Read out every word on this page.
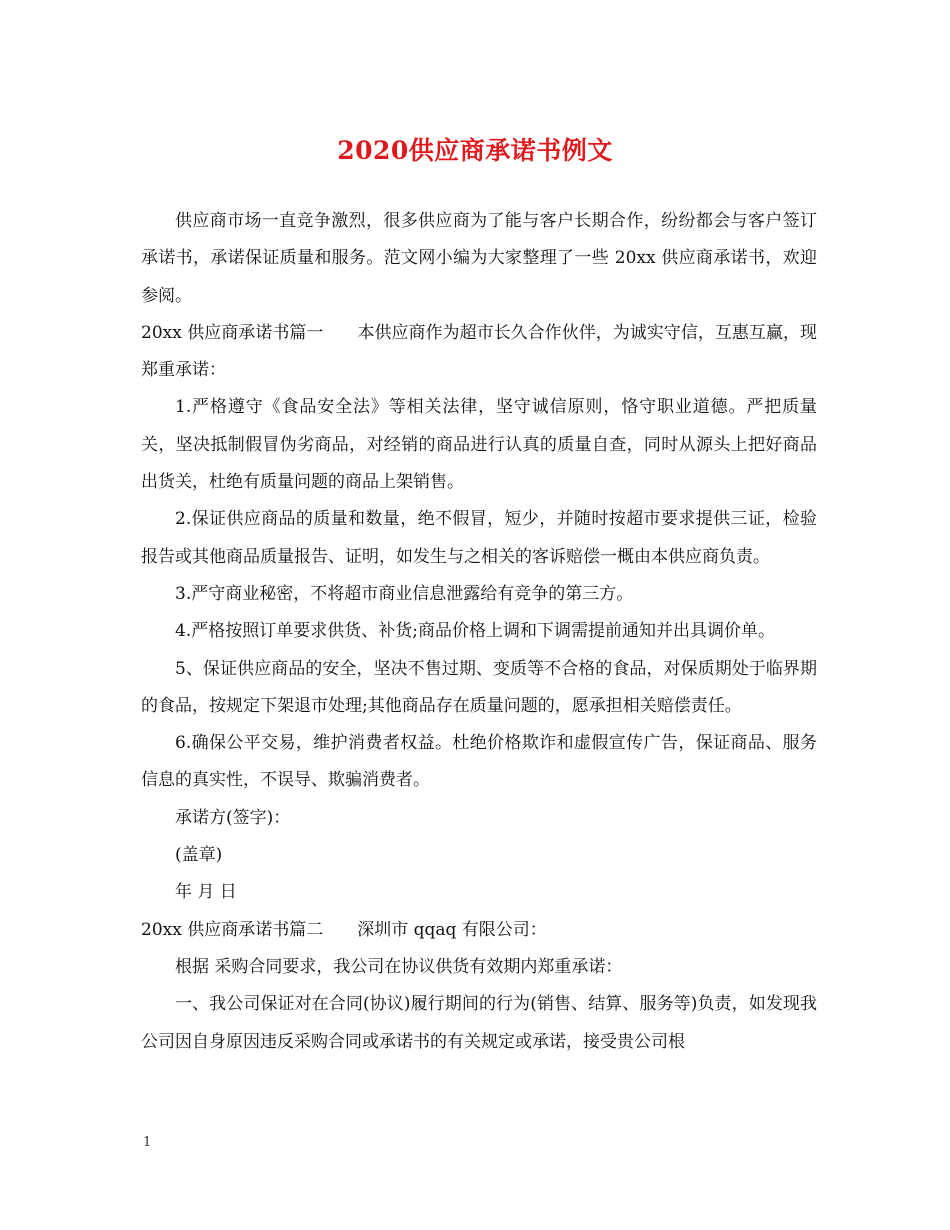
2020供应商承诺书例文

供应商市场一直竞争激烈，很多供应商为了能与客户长期合作，纷纷都会与客户签订承诺书，承诺保证质量和服务。范文网小编为大家整理了一些 20xx 供应商承诺书，欢迎参阅。

20xx 供应商承诺书篇一　　本供应商作为超市长久合作伙伴，为诚实守信，互惠互赢，现郑重承诺：

1.严格遵守《食品安全法》等相关法律，坚守诚信原则，恪守职业道德。严把质量关，坚决抵制假冒伪劣商品，对经销的商品进行认真的质量自查，同时从源头上把好商品出货关，杜绝有质量问题的商品上架销售。

2.保证供应商品的质量和数量，绝不假冒，短少，并随时按超市要求提供三证，检验报告或其他商品质量报告、证明，如发生与之相关的客诉赔偿一概由本供应商负责。

3.严守商业秘密，不将超市商业信息泄露给有竞争的第三方。

4.严格按照订单要求供货、补货;商品价格上调和下调需提前通知并出具调价单。

5、保证供应商品的安全，坚决不售过期、变质等不合格的食品，对保质期处于临界期的食品，按规定下架退市处理;其他商品存在质量问题的，愿承担相关赔偿责任。

6.确保公平交易，维护消费者权益。杜绝价格欺诈和虚假宣传广告，保证商品、服务信息的真实性，不误导、欺骗消费者。

承诺方(签字)：

(盖章)

年 月 日

20xx 供应商承诺书篇二　　深圳市 qqaq 有限公司：

根据 采购合同要求，我公司在协议供货有效期内郑重承诺：

一、我公司保证对在合同(协议)履行期间的行为(销售、结算、服务等)负责，如发现我公司因自身原因违反采购合同或承诺书的有关规定或承诺，接受贵公司根

1
